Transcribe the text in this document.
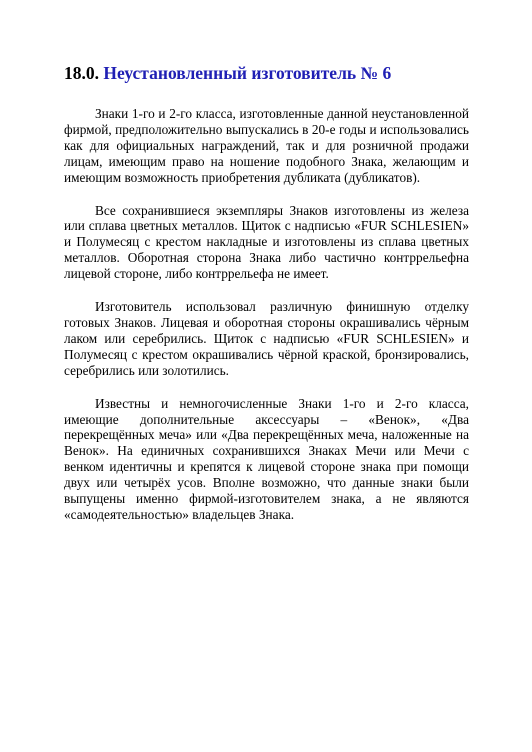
18.0. Неустановленный изготовитель № 6

Знаки 1-го и 2-го класса, изготовленные данной неустановленной фирмой, предположительно выпускались в 20-е годы и использовались как для официальных награждений, так и для розничной продажи лицам, имеющим право на ношение подобного Знака, желающим и имеющим возможность приобретения дубликата (дубликатов).

Все сохранившиеся экземпляры Знаков изготовлены из железа или сплава цветных металлов. Щиток с надписью «FUR SCHLESIEN» и Полумесяц с крестом накладные и изготовлены из сплава цветных металлов. Оборотная сторона Знака либо частично контррельефна лицевой стороне, либо контррельефа не имеет.

Изготовитель использовал различную финишную отделку готовых Знаков. Лицевая и оборотная стороны окрашивались чёрным лаком или серебрились. Щиток с надписью «FUR SCHLESIEN» и Полумесяц с крестом окрашивались чёрной краской, бронзировались, серебрились или золотились.

Известны и немногочисленные Знаки 1-го и 2-го класса, имеющие дополнительные аксессуары – «Венок», «Два перекрещённых меча» или «Два перекрещённых меча, наложенные на Венок». На единичных сохранившихся Знаках Мечи или Мечи с венком идентичны и крепятся к лицевой стороне знака при помощи двух или четырёх усов. Вполне возможно, что данные знаки были выпущены именно фирмой-изготовителем знака, а не являются «самодеятельностью» владельцев Знака.
